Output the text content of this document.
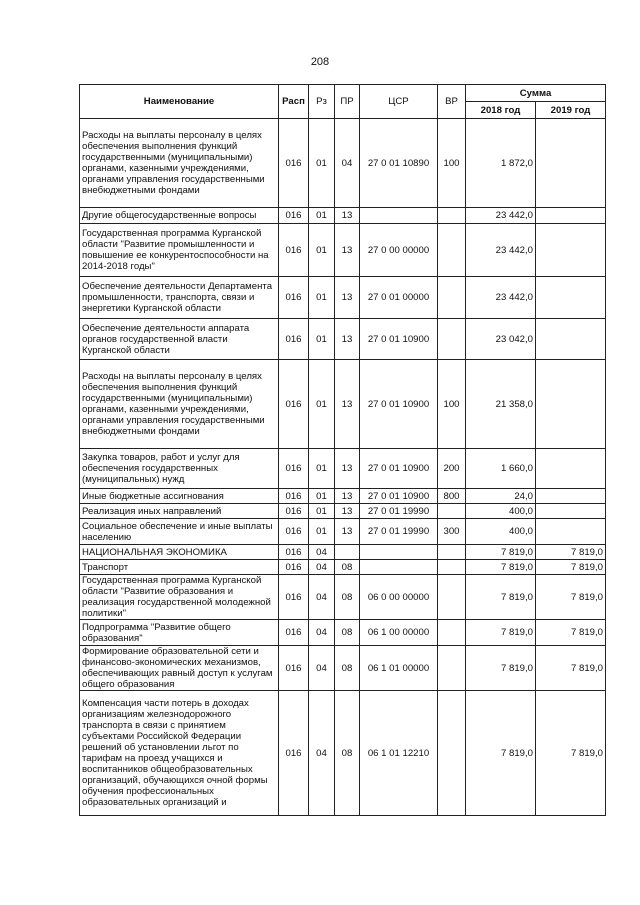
208
Наименование	Расп	Рз	ПР	ЦСР	ВР	Сумма	
						2018 год	2019 год
Расходы на выплаты персоналу в целях обеспечения выполнения функций государственными (муниципальными) органами, казенными учреждениями, органами управления государственными внебюджетными фондами	016	01	04	27 0 01 10890	100	1 872,0	
Другие общегосударственные вопросы	016	01	13			23 442,0	
Государственная программа Курганской области "Развитие промышленности и повышение ее конкурентоспособности на 2014-2018 годы"	016	01	13	27 0 00 00000		23 442,0	
Обеспечение деятельности Департамента промышленности, транспорта, связи и энергетики Курганской области	016	01	13	27 0 01 00000		23 442,0	
Обеспечение деятельности аппарата органов государственной власти Курганской области	016	01	13	27 0 01 10900		23 042,0	
Расходы на выплаты персоналу в целях обеспечения выполнения функций государственными (муниципальными) органами, казенными учреждениями, органами управления государственными внебюджетными фондами	016	01	13	27 0 01 10900	100	21 358,0	
Закупка товаров, работ и услуг для обеспечения государственных (муниципальных) нужд	016	01	13	27 0 01 10900	200	1 660,0	
Иные бюджетные ассигнования	016	01	13	27 0 01 10900	800	24,0	
Реализация иных направлений	016	01	13	27 0 01 19990		400,0	
Социальное обеспечение и иные выплаты населению	016	01	13	27 0 01 19990	300	400,0	
НАЦИОНАЛЬНАЯ ЭКОНОМИКА	016	04				7 819,0	7 819,0
Транспорт	016	04	08			7 819,0	7 819,0
Государственная программа Курганской области "Развитие образования и реализация государственной молодежной политики"	016	04	08	06 0 00 00000		7 819,0	7 819,0
Подпрограмма "Развитие общего образования"	016	04	08	06 1 00 00000		7 819,0	7 819,0
Формирование образовательной сети и финансово-экономических механизмов, обеспечивающих равный доступ к услугам общего образования	016	04	08	06 1 01 00000		7 819,0	7 819,0
Компенсация части потерь в доходах организациям железнодорожного транспорта в связи с принятием субъектами Российской Федерации решений об установлении льгот по тарифам на проезд учащихся и воспитанников общеобразовательных организаций, обучающихся очной формы обучения профессиональных образовательных организаций и	016	04	08	06 1 01 12210		7 819,0	7 819,0
